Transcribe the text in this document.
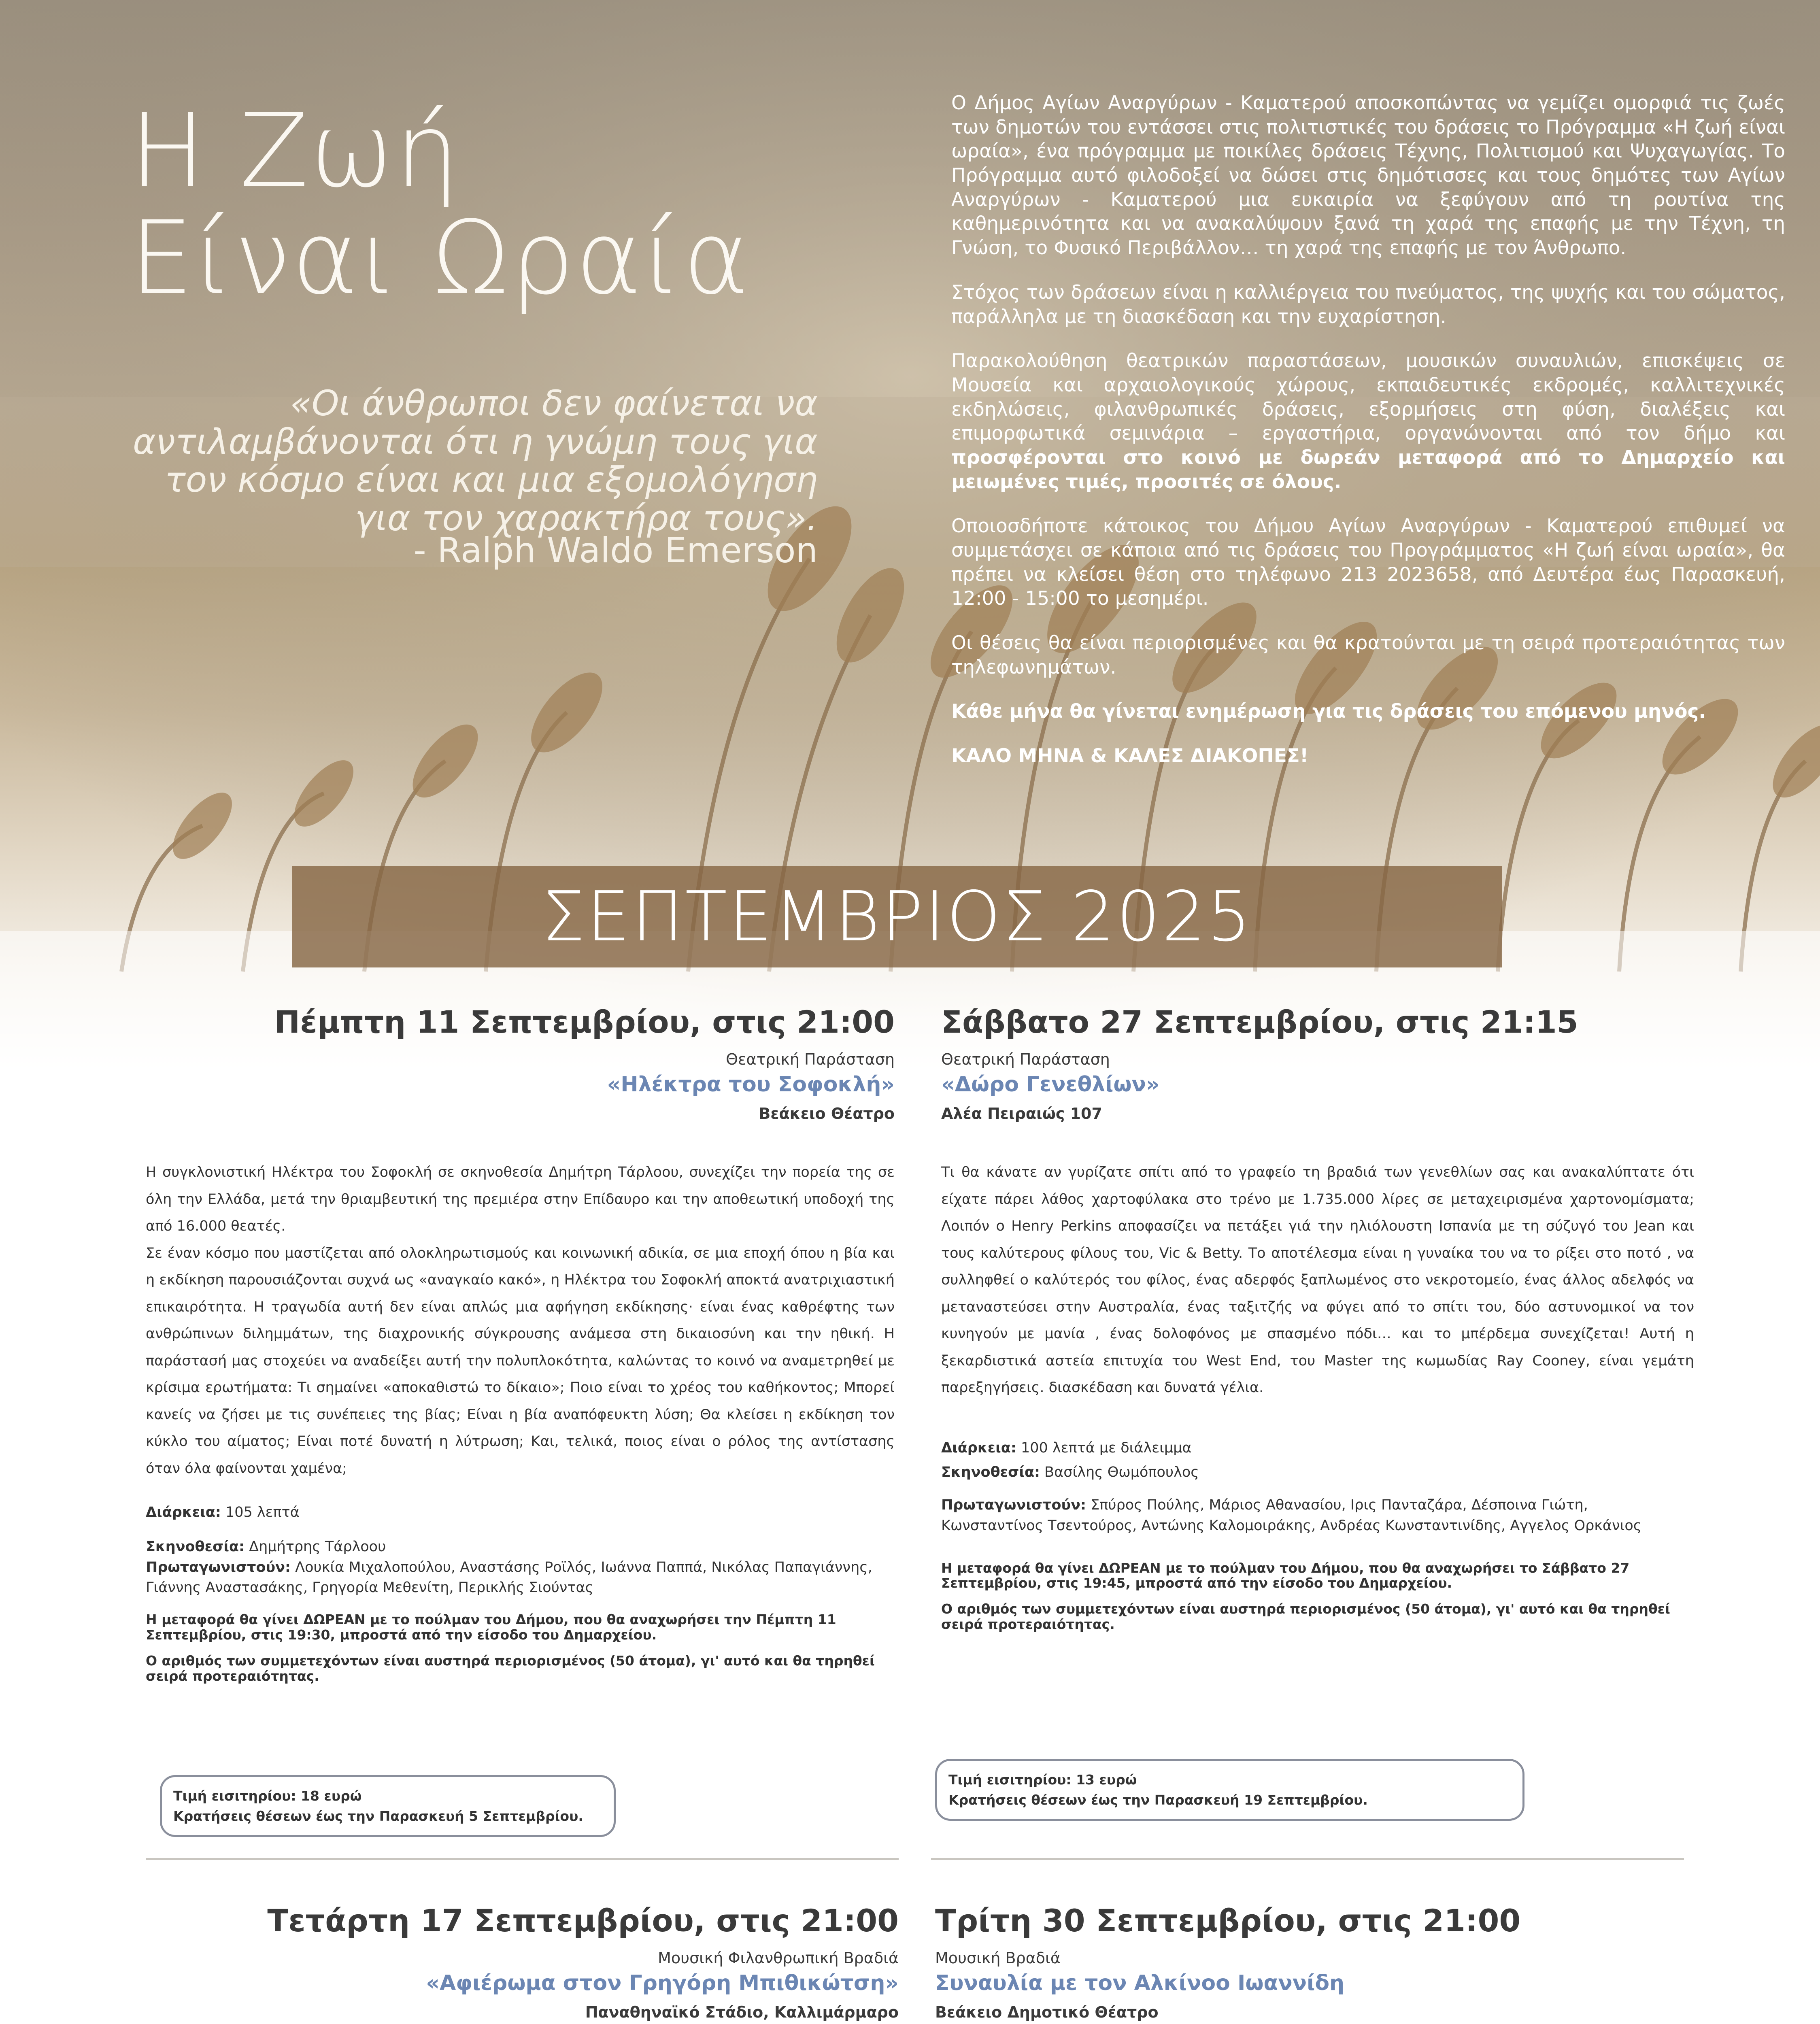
Η Ζωή
Είναι Ωραία
«Οι άνθρωποι δεν φαίνεται να αντιλαμβάνονται ότι η γνώμη τους για τον κόσμο είναι και μια εξομολόγηση για τον χαρακτήρα τους».
- Ralph Waldo Emerson

Ο Δήμος Αγίων Αναργύρων - Καματερού αποσκοπώντας να γεμίζει ομορφιά τις ζωές των δημοτών του εντάσσει στις πολιτιστικές του δράσεις το Πρόγραμμα «Η ζωή είναι ωραία», ένα πρόγραμμα με ποικίλες δράσεις Τέχνης, Πολιτισμού και Ψυχαγωγίας. Το Πρόγραμμα αυτό φιλοδοξεί να δώσει στις δημότισσες και τους δημότες των Αγίων Αναργύρων - Καματερού μια ευκαιρία να ξεφύγουν από τη ρουτίνα της καθημερινότητα και να ανακαλύψουν ξανά τη χαρά της επαφής με την Τέχνη, τη Γνώση, το Φυσικό Περιβάλλον… τη χαρά της επαφής με τον Άνθρωπο.

Στόχος των δράσεων είναι η καλλιέργεια του πνεύματος, της ψυχής και του σώματος, παράλληλα με τη διασκέδαση και την ευχαρίστηση.

Παρακολούθηση θεατρικών παραστάσεων, μουσικών συναυλιών, επισκέψεις σε Μουσεία και αρχαιολογικούς χώρους, εκπαιδευτικές εκδρομές, καλλιτεχνικές εκδηλώσεις, φιλανθρωπικές δράσεις, εξορμήσεις στη φύση, διαλέξεις και επιμορφωτικά σεμινάρια – εργαστήρια, οργανώνονται από τον δήμο και προσφέρονται στο κοινό με δωρεάν μεταφορά από το Δημαρχείο και μειωμένες τιμές, προσιτές σε όλους.

Οποιοσδήποτε κάτοικος του Δήμου Αγίων Αναργύρων - Καματερού επιθυμεί να συμμετάσχει σε κάποια από τις δράσεις του Προγράμματος «Η ζωή είναι ωραία», θα πρέπει να κλείσει θέση στο τηλέφωνο 213 2023658, από Δευτέρα έως Παρασκευή, 12:00 - 15:00 το μεσημέρι.

Οι θέσεις θα είναι περιορισμένες και θα κρατούνται με τη σειρά προτεραιότητας των τηλεφωνημάτων.

Κάθε μήνα θα γίνεται ενημέρωση για τις δράσεις του επόμενου μηνός.

ΚΑΛΟ ΜΗΝΑ & ΚΑΛΕΣ ΔΙΑΚΟΠΕΣ!

ΣΕΠΤΕΜΒΡΙΟΣ 2025
Πέμπτη 11 Σεπτεμβρίου, στις 21:00
Θεατρική Παράσταση
«Ηλέκτρα του Σοφοκλή»
Βεάκειο Θέατρο

Η συγκλονιστική Ηλέκτρα του Σοφοκλή σε σκηνοθεσία Δημήτρη Τάρλοου, συνεχίζει την πορεία της σε όλη την Ελλάδα, μετά την θριαμβευτική της πρεμιέρα στην Επίδαυρο και την αποθεωτική υποδοχή της από 16.000 θεατές.

Σε έναν κόσμο που μαστίζεται από ολοκληρωτισμούς και κοινωνική αδικία, σε μια εποχή όπου η βία και η εκδίκηση παρουσιάζονται συχνά ως «αναγκαίο κακό», η Ηλέκτρα του Σοφοκλή αποκτά ανατριχιαστική επικαιρότητα. Η τραγωδία αυτή δεν είναι απλώς μια αφήγηση εκδίκησης· είναι ένας καθρέφτης των ανθρώπινων διλημμάτων, της διαχρονικής σύγκρουσης ανάμεσα στη δικαιοσύνη και την ηθική. Η παράστασή μας στοχεύει να αναδείξει αυτή την πολυπλοκότητα, καλώντας το κοινό να αναμετρηθεί με κρίσιμα ερωτήματα: Τι σημαίνει «αποκαθιστώ το δίκαιο»; Ποιο είναι το χρέος του καθήκοντος; Μπορεί κανείς να ζήσει με τις συνέπειες της βίας; Είναι η βία αναπόφευκτη λύση; Θα κλείσει η εκδίκηση τον κύκλο του αίματος; Είναι ποτέ δυνατή η λύτρωση; Και, τελικά, ποιος είναι ο ρόλος της αντίστασης όταν όλα φαίνονται χαμένα;

Διάρκεια: 105 λεπτά
Σκηνοθεσία: Δημήτρης Τάρλοου
Πρωταγωνιστούν: Λουκία Μιχαλοπούλου, Αναστάσης Ροϊλός, Ιωάννα Παππά, Νικόλας Παπαγιάννης, Γιάννης Αναστασάκης, Γρηγορία Μεθενίτη, Περικλής Σιούντας
Η μεταφορά θα γίνει ΔΩΡΕΑΝ με το πούλμαν του Δήμου, που θα αναχωρήσει την Πέμπτη 11 Σεπτεμβρίου, στις 19:30, μπροστά από την είσοδο του Δημαρχείου.
Ο αριθμός των συμμετεχόντων είναι αυστηρά περιορισμένος (50 άτομα), γι' αυτό και θα τηρηθεί σειρά προτεραιότητας.
Τιμή εισιτηρίου: 18 ευρώ
Κρατήσεις θέσεων έως την Παρασκευή 5 Σεπτεμβρίου.
Σάββατο 27 Σεπτεμβρίου, στις 21:15
Θεατρική Παράσταση
«Δώρο Γενεθλίων»
Αλέα Πειραιώς 107

Τι θα κάνατε αν γυρίζατε σπίτι από το γραφείο τη βραδιά των γενεθλίων σας και ανακαλύπτατε ότι είχατε πάρει λάθος χαρτοφύλακα στο τρένο με 1.735.000 λίρες σε μεταχειρισμένα χαρτονομίσματα; Λοιπόν ο Henry Perkins αποφασίζει να πετάξει γιά την ηλιόλουστη Ισπανία με τη σύζυγό του Jean και τους καλύτερους φίλους του, Vic & Betty. Το αποτέλεσμα είναι η γυναίκα του να το ρίξει στο ποτό , να συλληφθεί ο καλύτερός του φίλος, ένας αδερφός ξαπλωμένος στο νεκροτομείο, ένας άλλος αδελφός να μεταναστεύσει στην Αυστραλία, ένας ταξιτζής να φύγει από το σπίτι του, δύο αστυνομικοί να τον κυνηγούν με μανία , ένας δολοφόνος με σπασμένο πόδι… και το μπέρδεμα συνεχίζεται! Αυτή η ξεκαρδιστικά αστεία επιτυχία του West End, του Master της κωμωδίας Ray Cooney, είναι γεμάτη παρεξηγήσεις. διασκέδαση και δυνατά γέλια.

Διάρκεια: 100 λεπτά με διάλειμμα
Σκηνοθεσία: Βασίλης Θωμόπουλος
Πρωταγωνιστούν: Σπύρος Πούλης, Μάριος Αθανασίου, Ιρις Πανταζάρα, Δέσποινα Γιώτη, Κωνσταντίνος Τσεντούρος, Αντώνης Καλομοιράκης, Ανδρέας Κωνσταντινίδης, Αγγελος Ορκάνιος
Η μεταφορά θα γίνει ΔΩΡΕΑΝ με το πούλμαν του Δήμου, που θα αναχωρήσει το Σάββατο 27 Σεπτεμβρίου, στις 19:45, μπροστά από την είσοδο του Δημαρχείου.
Ο αριθμός των συμμετεχόντων είναι αυστηρά περιορισμένος (50 άτομα), γι' αυτό και θα τηρηθεί σειρά προτεραιότητας.
Τιμή εισιτηρίου: 13 ευρώ
Κρατήσεις θέσεων έως την Παρασκευή 19 Σεπτεμβρίου.
Τετάρτη 17 Σεπτεμβρίου, στις 21:00
Μουσική Φιλανθρωπική Βραδιά
«Αφιέρωμα στον Γρηγόρη Μπιθικώτση»
Παναθηναϊκό Στάδιο, Καλλιμάρμαρο

Τρίτη 30 Σεπτεμβρίου, στις 21:00
Μουσική Βραδιά
Συναυλία με τον Αλκίνοο Ιωαννίδη
Βεάκειο Δημοτικό Θέατρο
